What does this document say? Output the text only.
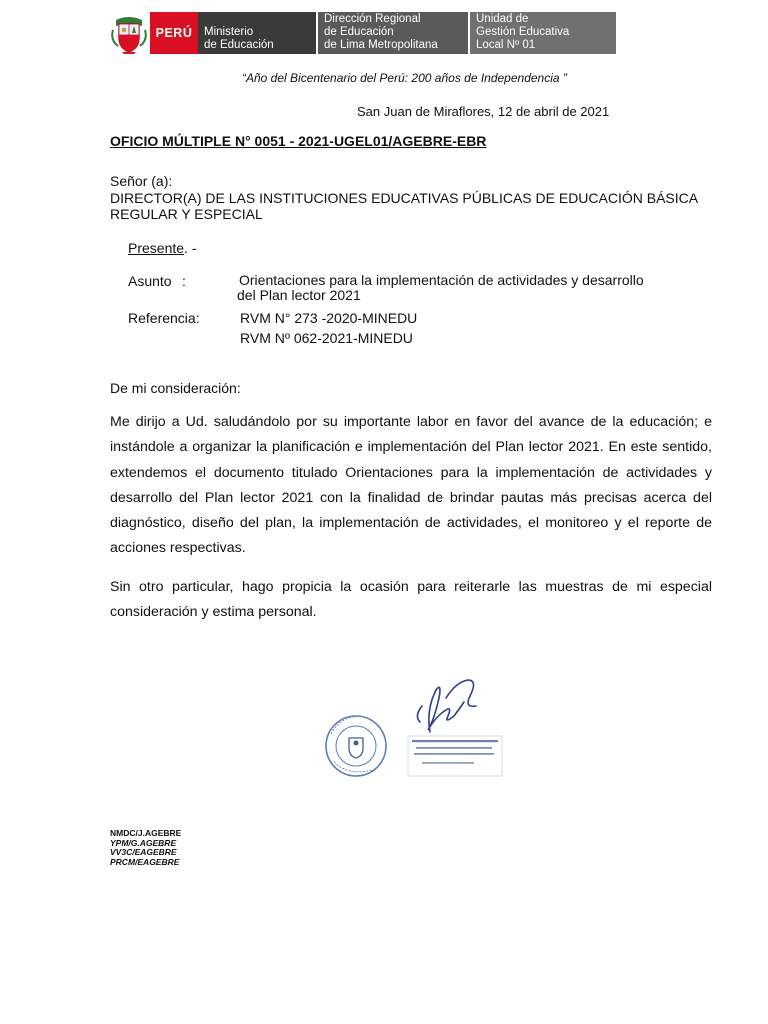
PERÚ	Ministerio
de Educación
Dirección Regional
de Educación
de Lima Metropolitana
Unidad de
Gestión Educativa
Local Nº 01
“Año del Bicentenario del Perú: 200 años de Independencia ”
San Juan de Miraflores, 12 de abril de 2021
OFICIO MÚLTIPLE N° 0051 - 2021-UGEL01/AGEBRE-EBR
Señor (a):
DIRECTOR(A) DE LAS INSTITUCIONES EDUCATIVAS PÚBLICAS DE EDUCACIÓN BÁSICA REGULAR Y ESPECIAL
Presente. -
Asunto :	Orientaciones para la implementación de actividades y desarrollo
del Plan lector 2021
Referencia:	RVM N° 273 -2020-MINEDU
RVM Nº 062-2021-MINEDU
De mi consideración:
Me dirijo a Ud. saludándolo por su importante labor en favor del avance de la educación; e instándole a organizar la planificación e implementación del Plan lector 2021. En este sentido, extendemos el documento titulado Orientaciones para la implementación de actividades y desarrollo del Plan lector 2021 con la finalidad de brindar pautas más precisas acerca del diagnóstico, diseño del plan, la implementación de actividades, el monitoreo y el reporte de acciones respectivas.
Sin otro particular, hago propicia la ocasión para reiterarle las muestras de mi especial consideración y estima personal.
NMDC/J.AGEBRE
YPM/G.AGEBRE
VV3C/EAGEBRE
PRCM/EAGEBRE
